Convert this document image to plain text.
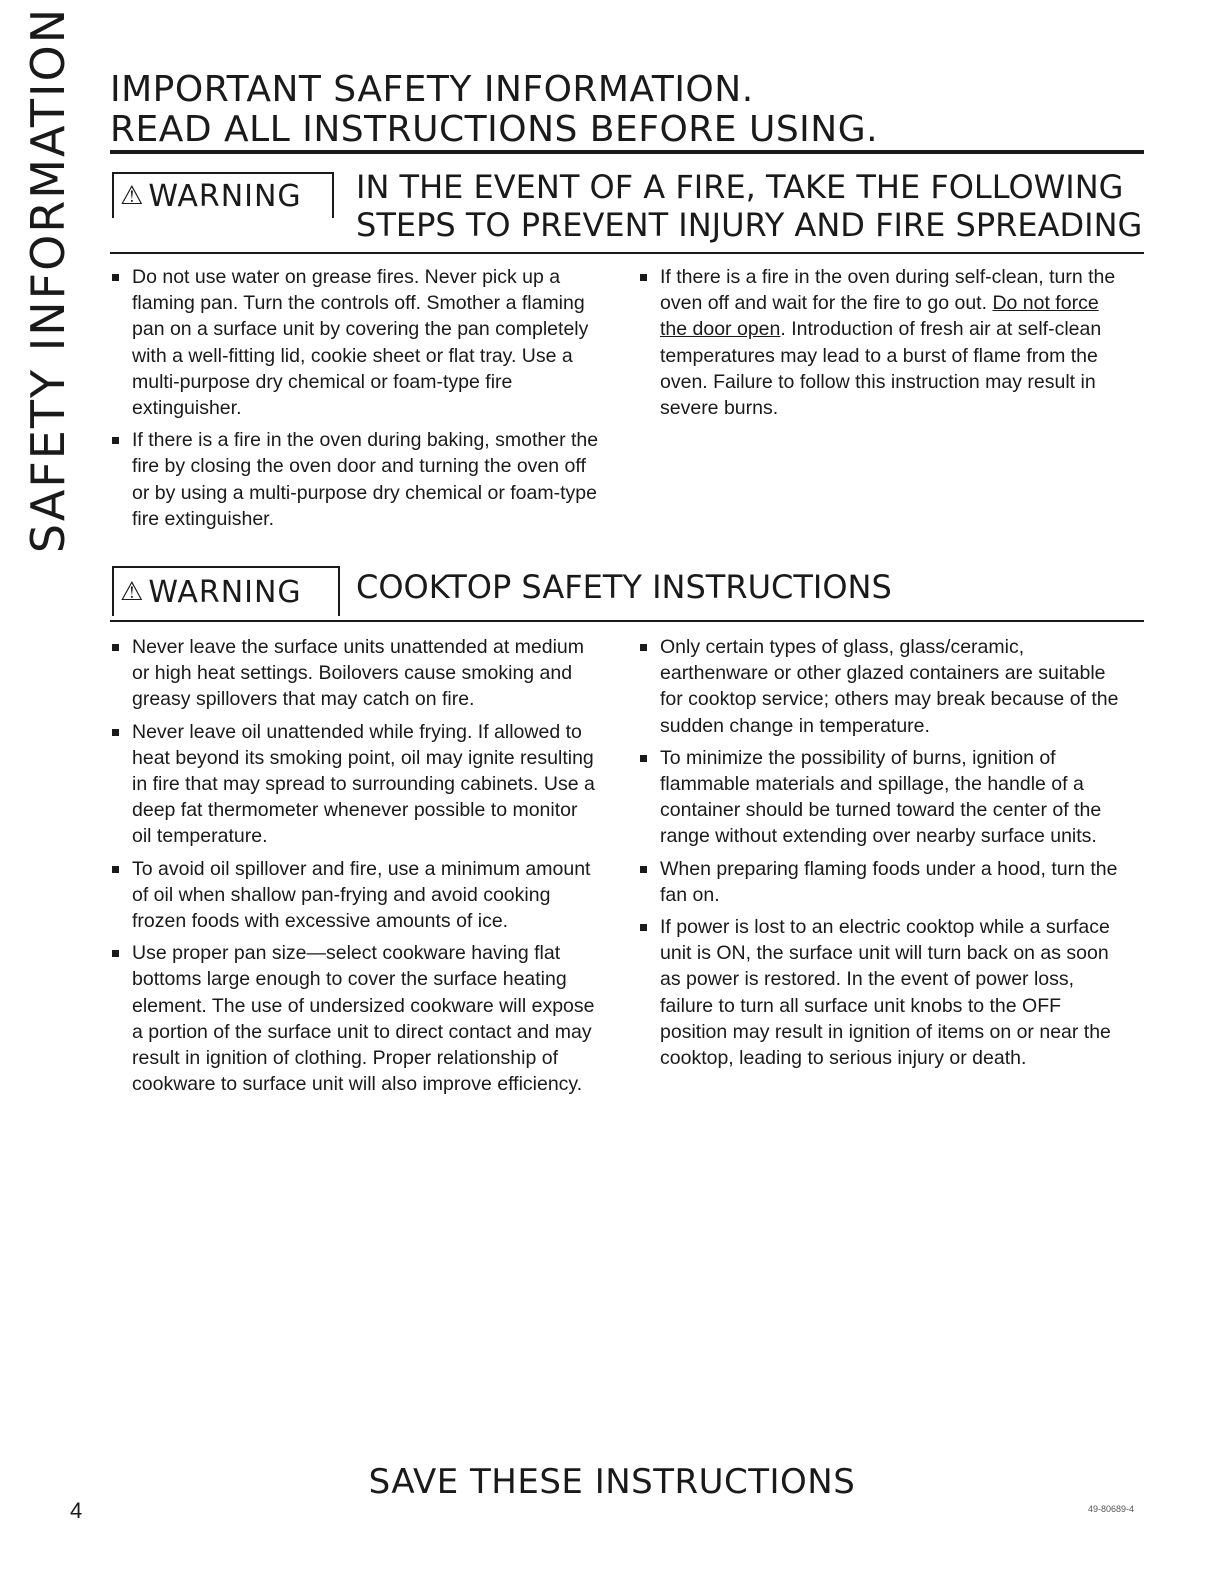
SAFETY INFORMATION IMPORTANT SAFETY INFORMATION.
READ ALL INSTRUCTIONS BEFORE USING.
⚠ WARNING IN THE EVENT OF A FIRE, TAKE THE FOLLOWING
STEPS TO PREVENT INJURY AND FIRE SPREADING

Do not use water on grease fires. Never pick up a flaming pan. Turn the controls off. Smother a flaming pan on a surface unit by covering the pan completely with a well-fitting lid, cookie sheet or flat tray. Use a multi-purpose dry chemical or foam-type fire extinguisher.

If there is a fire in the oven during baking, smother the fire by closing the oven door and turning the oven off or by using a multi-purpose dry chemical or foam-type fire extinguisher.

If there is a fire in the oven during self-clean, turn the oven off and wait for the fire to go out. Do not force the door open. Introduction of fresh air at self-clean temperatures may lead to a burst of flame from the oven. Failure to follow this instruction may result in severe burns.

⚠ WARNING COOKTOP SAFETY INSTRUCTIONS

Never leave the surface units unattended at medium or high heat settings. Boilovers cause smoking and greasy spillovers that may catch on fire.

Never leave oil unattended while frying. If allowed to heat beyond its smoking point, oil may ignite resulting in fire that may spread to surrounding cabinets. Use a deep fat thermometer whenever possible to monitor oil temperature.

To avoid oil spillover and fire, use a minimum amount of oil when shallow pan-frying and avoid cooking frozen foods with excessive amounts of ice.

Use proper pan size—select cookware having flat bottoms large enough to cover the surface heating element. The use of undersized cookware will expose a portion of the surface unit to direct contact and may result in ignition of clothing. Proper relationship of cookware to surface unit will also improve efficiency.

Only certain types of glass, glass/ceramic, earthenware or other glazed containers are suitable for cooktop service; others may break because of the sudden change in temperature.

To minimize the possibility of burns, ignition of flammable materials and spillage, the handle of a container should be turned toward the center of the range without extending over nearby surface units.

When preparing flaming foods under a hood, turn the fan on.

If power is lost to an electric cooktop while a surface unit is ON, the surface unit will turn back on as soon as power is restored. In the event of power loss, failure to turn all surface unit knobs to the OFF position may result in ignition of items on or near the cooktop, leading to serious injury or death.

SAVE THESE INSTRUCTIONS
4	49-80689-4
